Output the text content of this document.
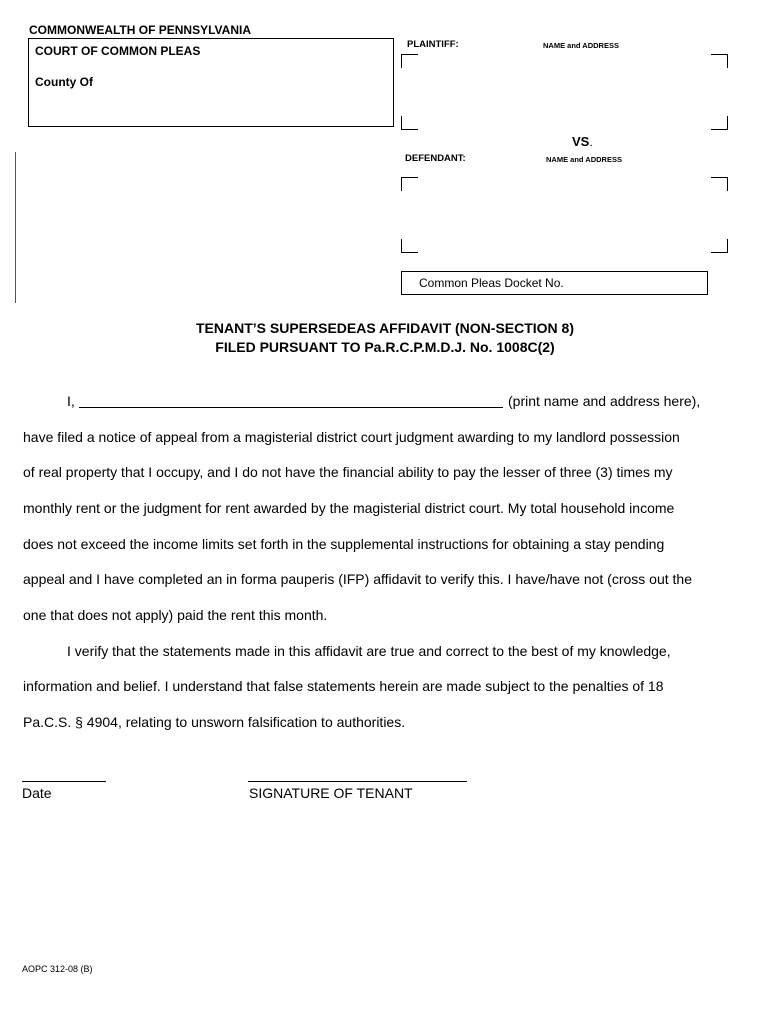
COMMONWEALTH OF PENNSYLVANIA
COURT OF COMMON PLEAS
County Of
PLAINTIFF:	NAME and ADDRESS
VS.
DEFENDANT:	NAME and ADDRESS
Common Pleas Docket No.
TENANT’S SUPERSEDEAS AFFIDAVIT (NON-SECTION 8)
FILED PURSUANT TO Pa.R.C.P.M.D.J. No. 1008C(2)
I,	(print name and address here),
have filed a notice of appeal from a magisterial district court judgment awarding to my landlord possession
of real property that I occupy, and I do not have the financial ability to pay the lesser of three (3) times my
monthly rent or the judgment for rent awarded by the magisterial district court. My total household income
does not exceed the income limits set forth in the supplemental instructions for obtaining a stay pending
appeal and I have completed an in forma pauperis (IFP) affidavit to verify this. I have/have not (cross out the
one that does not apply) paid the rent this month.
I verify that the statements made in this affidavit are true and correct to the best of my knowledge,
information and belief. I understand that false statements herein are made subject to the penalties of 18
Pa.C.S. § 4904, relating to unsworn falsification to authorities.
Date	SIGNATURE OF TENANT
AOPC 312-08 (B)
